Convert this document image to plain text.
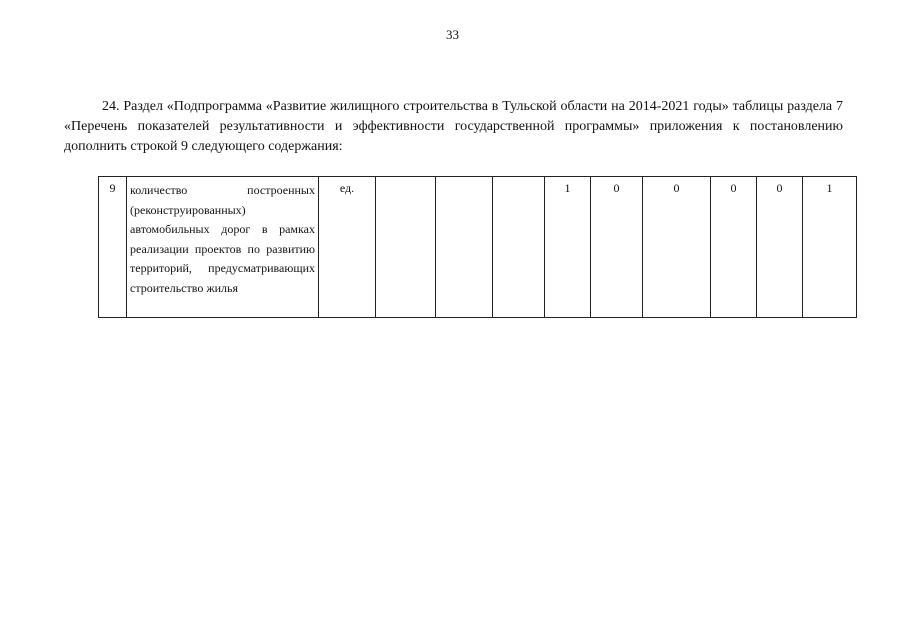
33
24. Раздел «Подпрограмма «Развитие жилищного строительства в Тульской области на 2014-2021 годы» таблицы раздела 7 «Перечень показателей результативности и эффективности государственной программы» приложения к постановлению дополнить строкой 9 следующего содержания:
9	количество построенных (реконструированных) автомобильных дорог в рамках реализации проектов по развитию территорий, предусматривающих строительство жилья	ед.				1	0	0	0	0	1
